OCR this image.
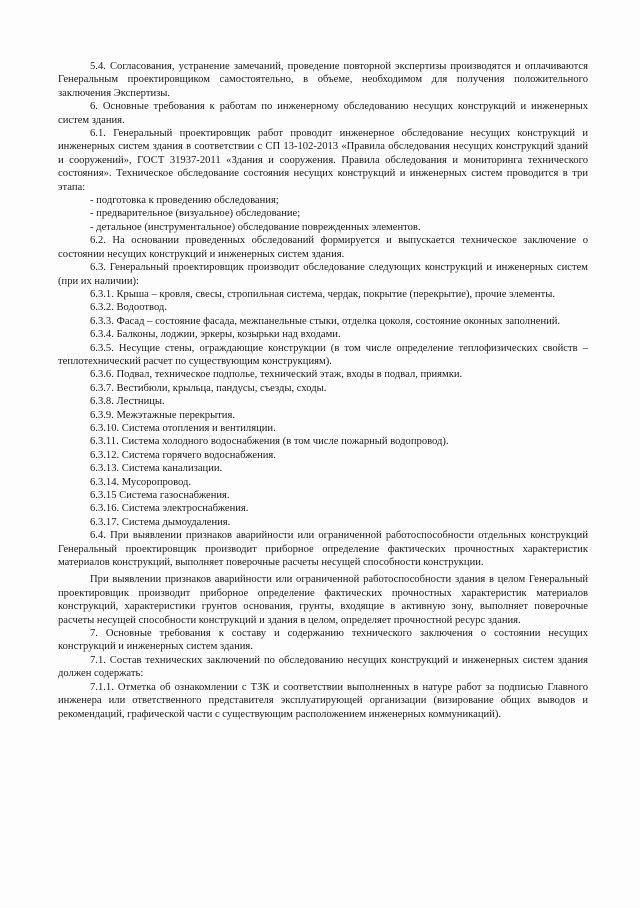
5.4. Согласования, устранение замечаний, проведение повторной экспертизы производятся и оплачиваются Генеральным проектировщиком самостоятельно, в объеме, необходимом для получения положительного заключения Экспертизы.

6. Основные требования к работам по инженерному обследованию несущих конструкций и инженерных систем здания.

6.1. Генеральный проектировщик работ проводит инженерное обследование несущих конструкций и инженерных систем здания в соответствии с СП 13-102-2013 «Правила обследования несущих конструкций зданий и сооружений», ГОСТ 31937-2011 «Здания и сооружения. Правила обследования и мониторинга технического состояния». Техническое обследование состояния несущих конструкций и инженерных систем проводится в три этапа:

- подготовка к проведению обследования;

- предварительное (визуальное) обследование;

- детальное (инструментальное) обследование поврежденных элементов.

6.2. На основании проведенных обследований формируется и выпускается техническое заключение о состоянии несущих конструкций и инженерных систем здания.

6.3. Генеральный проектировщик производит обследование следующих конструкций и инженерных систем (при их наличии):

6.3.1. Крыша – кровля, свесы, стропильная система, чердак, покрытие (перекрытие), прочие элементы.

6.3.2. Водоотвод.

6.3.3. Фасад – состояние фасада, межпанельные стыки, отделка цоколя, состояние оконных заполнений.

6.3.4. Балконы, лоджии, эркеры, козырьки над входами.

6.3.5. Несущие стены, ограждающие конструкции (в том числе определение теплофизических свойств – теплотехнический расчет по существующим конструкциям).

6.3.6. Подвал, техническое подполье, технический этаж, входы в подвал, приямки.

6.3.7. Вестибюли, крыльца, пандусы, съезды, сходы.

6.3.8. Лестницы.

6.3.9. Межэтажные перекрытия.

6.3.10. Система отопления и вентиляции.

6.3.11. Система холодного водоснабжения (в том числе пожарный водопровод).

6.3.12. Система горячего водоснабжения.

6.3.13. Система канализации.

6.3.14. Мусоропровод.

6.3.15 Система газоснабжения.

6.3.16. Система электроснабжения.

6.3.17. Система дымоудаления.

6.4. При выявлении признаков аварийности или ограниченной работоспособности отдельных конструкций Генеральный проектировщик производит приборное определение фактических прочностных характеристик материалов конструкций, выполняет поверочные расчеты несущей способности конструкции.

При выявлении признаков аварийности или ограниченной работоспособности здания в целом Генеральный проектировщик производит приборное определение фактических прочностных характеристик материалов конструкций, характеристики грунтов основания, грунты, входящие в активную зону, выполняет поверочные расчеты несущей способности конструкций и здания в целом, определяет прочностной ресурс здания.

7. Основные требования к составу и содержанию технического заключения о состоянии несущих конструкций и инженерных систем здания.

7.1. Состав технических заключений по обследованию несущих конструкций и инженерных систем здания должен содержать:

7.1.1. Отметка об ознакомлении с ТЗК и соответствии выполненных в натуре работ за подписью Главного инженера или ответственного представителя эксплуатирующей организации (визирование общих выводов и рекомендаций, графической части с существующим расположением инженерных коммуникаций).
